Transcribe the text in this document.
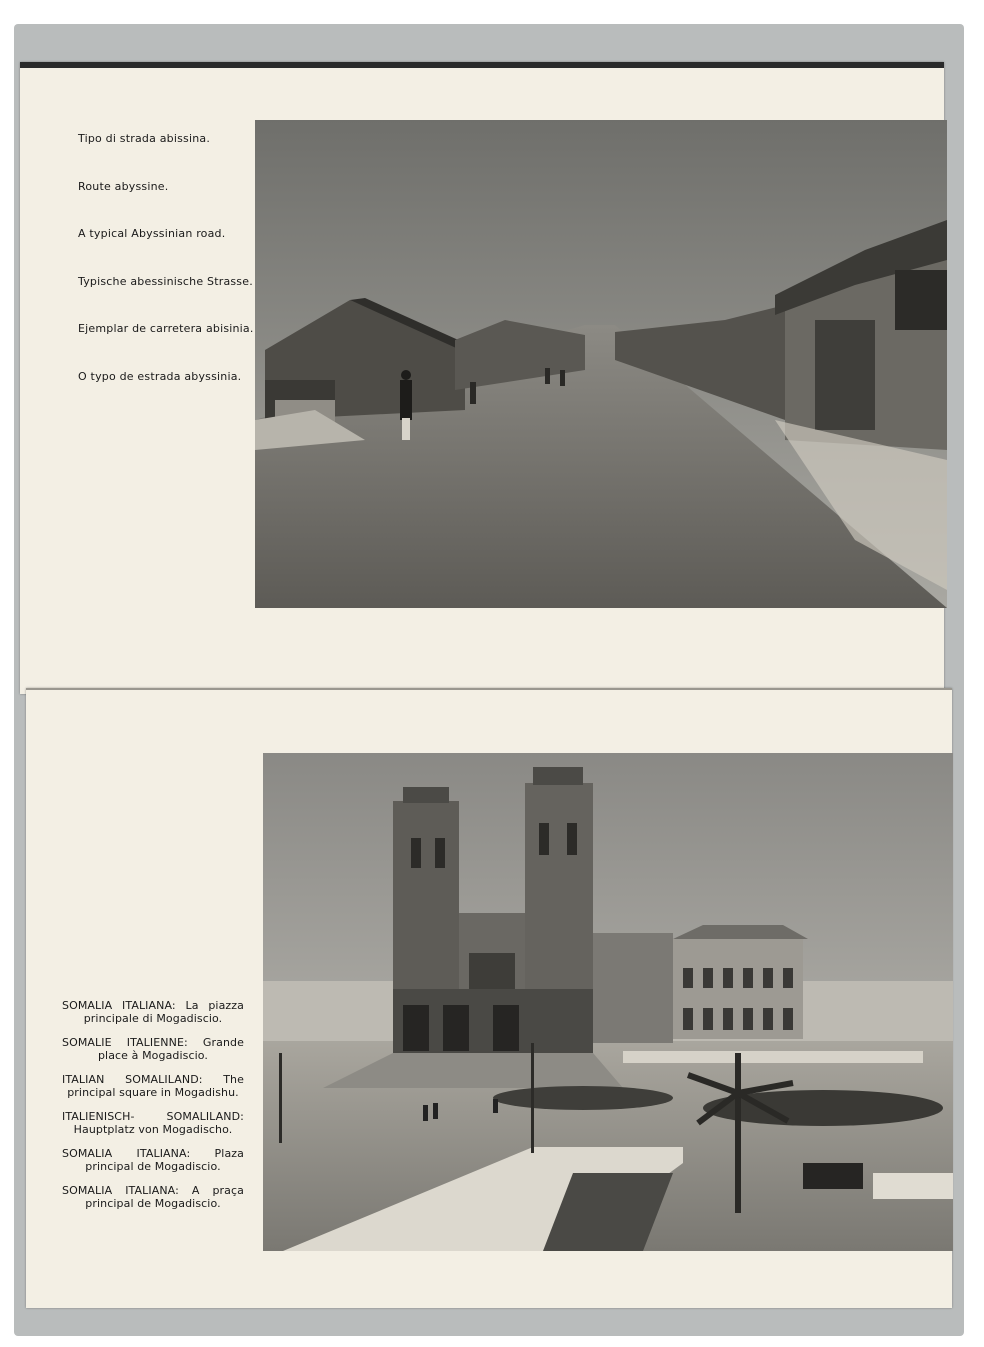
Tipo di strada abissina.
Route abyssine.
A typical Abyssinian road.
Typische abessinische Strasse.
Ejemplar de carretera abisinia.
O typo de estrada abyssinia.
SOMALIA ITALIANA: La piazza principale di Mogadiscio.
SOMALIE ITALIENNE: Grande place à Mogadiscio.
ITALIAN SOMALILAND: The principal square in Mogadishu.
ITALIENISCH- SOMALILAND: Hauptplatz von Mogadischo.
SOMALIA ITALIANA: Plaza principal de Mogadiscio.
SOMALIA ITALIANA: A praça principal de Mogadiscio.
